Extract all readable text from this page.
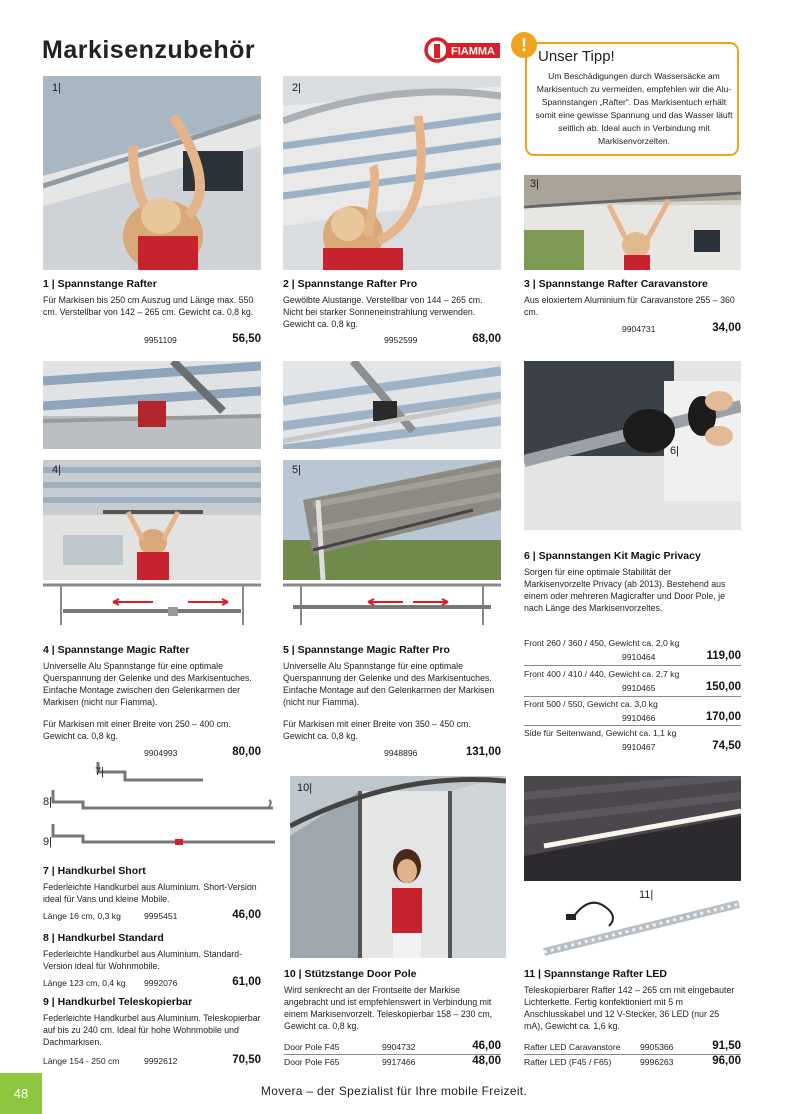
Markisenzubehör	FIAMMA	!
Unser Tipp!
Um Beschädigungen durch Wassersäcke am Markisentuch zu vermeiden, empfehlen wir die Alu-Spannstangen „Rafter“. Das Markisentuch erhält somit eine gewisse Spannung und das Wasser läuft seitlich ab. Ideal auch in Verbindung mit Markisenvorzelten.
1|	2|
3|
1 | Spannstange Rafter
Für Markisen bis 250 cm Auszug und Länge max. 550 cm. Verstellbar von 142 – 265 cm. Gewicht ca. 0,8 kg.
9951109	56,50
2 | Spannstange Rafter Pro
Gewölbte Alustange. Verstellbar von 144 – 265 cm. Nicht bei starker Sonneneinstrahlung verwenden. Gewicht ca. 0,8 kg.
9952599	68,00
3 | Spannstange Rafter Caravanstore
Aus eloxiertem Aluminium für Caravanstore 255 – 360 cm.
9904731	34,00
6|
4|	5|
4 | Spannstange Magic Rafter
Universelle Alu Spannstange für eine optimale Querspannung der Gelenke und des Markisentuches. Einfache Montage zwischen den Gelenkarmen der Markisen (nicht nur Fiamma).
Für Markisen mit einer Breite von 250 – 400 cm. Gewicht ca. 0,8 kg.
9904993	80,00
5 | Spannstange Magic Rafter Pro
Universelle Alu Spannstange für eine optimale Querspannung der Gelenke und des Markisentuches. Einfache Montage auf den Gelenkarmen der Markisen (nicht nur Fiamma).
Für Markisen mit einer Breite von 350 – 450 cm. Gewicht ca. 0,8 kg.
9948896	131,00
6 | Spannstangen Kit Magic Privacy
Sorgen für eine optimale Stabilität der Markisenvorzelte Privacy (ab 2013). Bestehend aus einem oder mehreren Magicrafter und Door Pole, je nach Länge des Markisenvorzeltes.
Front 260 / 360 / 450, Gewicht ca. 2,0 kg
9910464	119,00
Front 400 / 410 / 440, Gewicht ca. 2,7 kg
9910465	150,00
Front 500 / 550, Gewicht ca. 3,0 kg
9910466	170,00
Side für Seitenwand, Gewicht ca. 1,1 kg
9910467	74,50
7|
8|
9|
7 | Handkurbel Short
Federleichte Handkurbel aus Aluminium. Short-Version ideal für Vans und kleine Mobile.
Länge 16 cm, 0,3 kg	9995451	46,00
8 | Handkurbel Standard
Federleichte Handkurbel aus Aluminium. Standard-Version ideal für Wohnmobile.
Länge 123 cm, 0,4 kg 9992076	61,00
9 | Handkurbel Teleskopierbar
Federleichte Handkurbel aus Aluminium. Teleskopierbar auf bis zu 240 cm. Ideal für hohe Wohnmobile und Dachmarkisen.
Länge 154 - 250 cm	9992612	70,50
10|
10 | Stützstange Door Pole
Wird senkrecht an der Frontseite der Markise angebracht und ist empfehlenswert in Verbindung mit einem Markisenvorzelt. Teleskopierbar 158 – 230 cm, Gewicht ca. 0,8 kg.
Door Pole F45	9904732	46,00
Door Pole F65	9917466	48,00
11|
11 | Spannstange Rafter LED
Teleskopierbarer Rafter 142 – 265 cm mit eingebauter Lichterkette. Fertig konfektioniert mit 5 m Anschlusskabel und 12 V-Stecker, 36 LED (nur 25 mA), Gewicht ca. 1,6 kg.
Rafter LED Caravanstore 9905366	91,50
Rafter LED (F45 / F65)	9996263	96,00
Movera – der Spezialist für Ihre mobile Freizeit.
48
